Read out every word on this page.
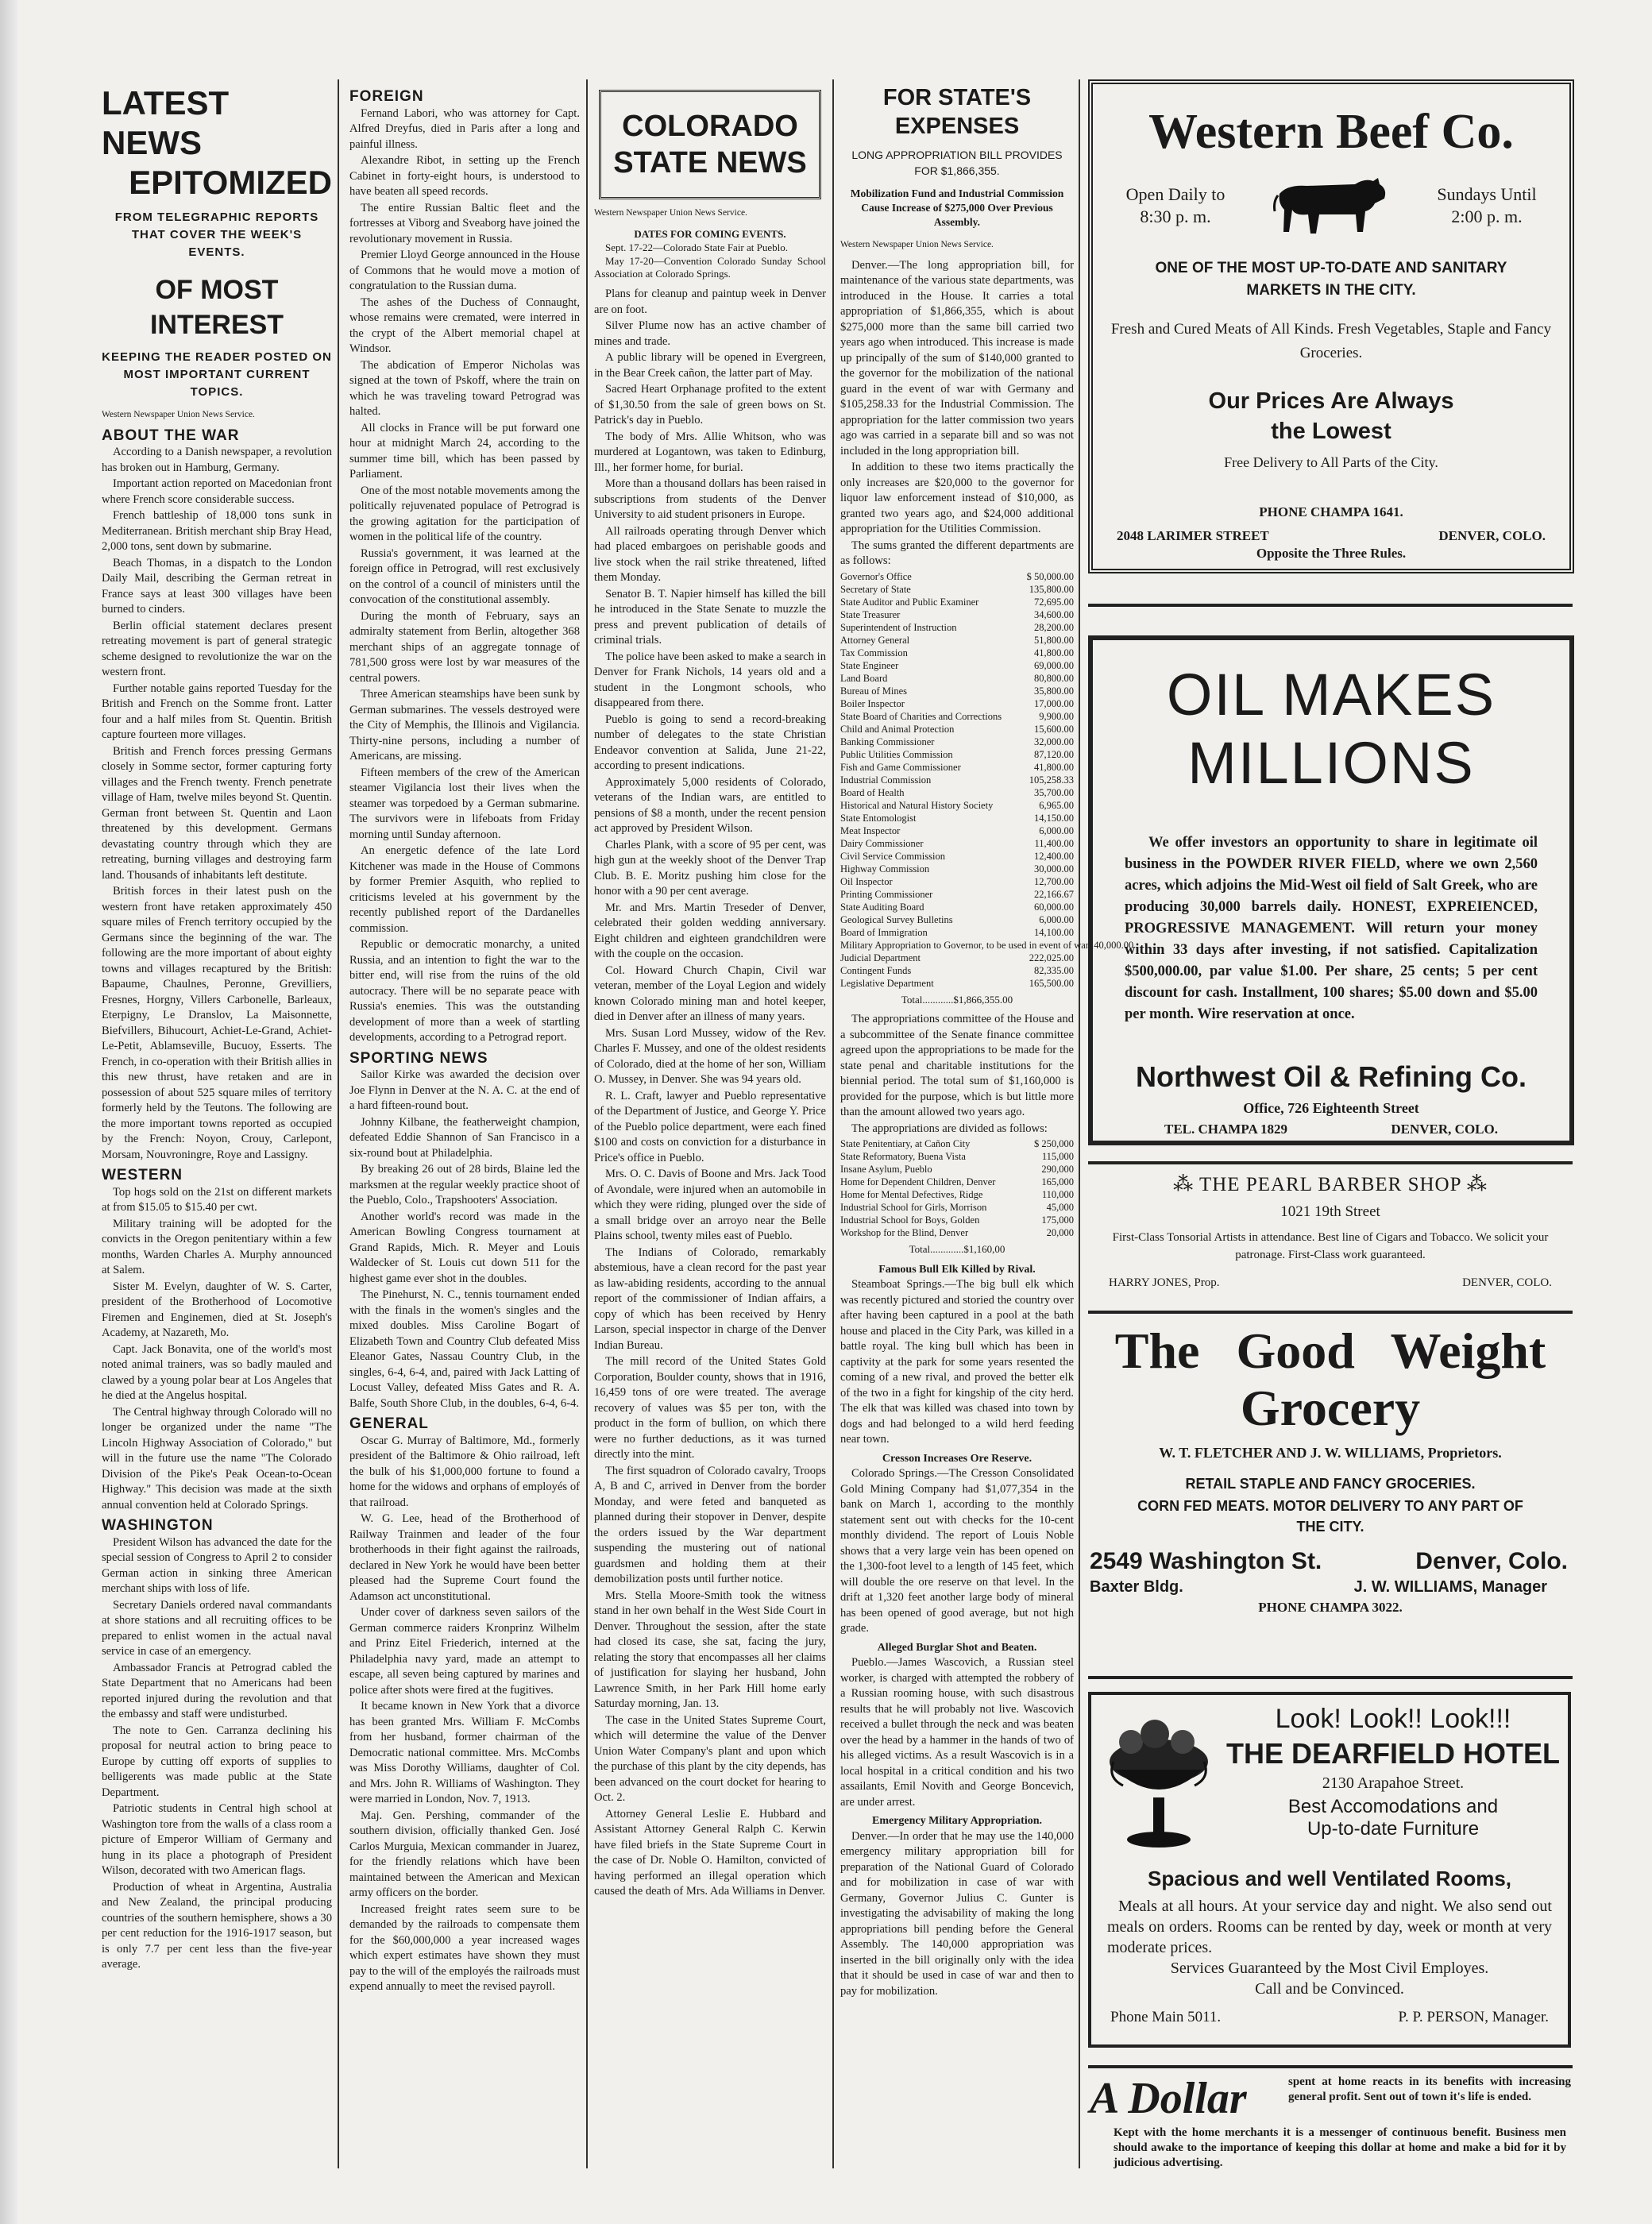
LATEST NEWS
EPITOMIZED
FROM TELEGRAPHIC REPORTS THAT COVER THE WEEK'S EVENTS.
OF MOST INTEREST
KEEPING THE READER POSTED ON MOST IMPORTANT CURRENT TOPICS.
Western Newspaper Union News Service.
ABOUT THE WAR

According to a Danish newspaper, a revolution has broken out in Hamburg, Germany.

Important action reported on Macedonian front where French score considerable success.

French battleship of 18,000 tons sunk in Mediterranean. British merchant ship Bray Head, 2,000 tons, sent down by submarine.

Beach Thomas, in a dispatch to the London Daily Mail, describing the German retreat in France says at least 300 villages have been burned to cinders.

Berlin official statement declares present retreating movement is part of general strategic scheme designed to revolutionize the war on the western front.

Further notable gains reported Tuesday for the British and French on the Somme front. Latter four and a half miles from St. Quentin. British capture fourteen more villages.

British and French forces pressing Germans closely in Somme sector, former capturing forty villages and the French twenty. French penetrate village of Ham, twelve miles beyond St. Quentin. German front between St. Quentin and Laon threatened by this development. Germans devastating country through which they are retreating, burning villages and destroying farm land. Thousands of inhabitants left destitute.

British forces in their latest push on the western front have retaken approximately 450 square miles of French territory occupied by the Germans since the beginning of the war. The following are the more important of about eighty towns and villages recaptured by the British: Bapaume, Chaulnes, Peronne, Grevilliers, Fresnes, Horgny, Villers Carbonelle, Barleaux, Eterpigny, Le Dranslov, La Maisonnette, Biefvillers, Bihucourt, Achiet-Le-Grand, Achiet-Le-Petit, Ablamseville, Bucuoy, Esserts. The French, in co-operation with their British allies in this new thrust, have retaken and are in possession of about 525 square miles of territory formerly held by the Teutons. The following are the more important towns reported as occupied by the French: Noyon, Crouy, Carlepont, Morsam, Nouvroningre, Roye and Lassigny.

WESTERN

Top hogs sold on the 21st on different markets at from $15.05 to $15.40 per cwt.

Military training will be adopted for the convicts in the Oregon penitentiary within a few months, Warden Charles A. Murphy announced at Salem.

Sister M. Evelyn, daughter of W. S. Carter, president of the Brotherhood of Locomotive Firemen and Enginemen, died at St. Joseph's Academy, at Nazareth, Mo.

Capt. Jack Bonavita, one of the world's most noted animal trainers, was so badly mauled and clawed by a young polar bear at Los Angeles that he died at the Angelus hospital.

The Central highway through Colorado will no longer be organized under the name "The Lincoln Highway Association of Colorado," but will in the future use the name "The Colorado Division of the Pike's Peak Ocean-to-Ocean Highway." This decision was made at the sixth annual convention held at Colorado Springs.

WASHINGTON

President Wilson has advanced the date for the special session of Congress to April 2 to consider German action in sinking three American merchant ships with loss of life.

Secretary Daniels ordered naval commandants at shore stations and all recruiting offices to be prepared to enlist women in the actual naval service in case of an emergency.

Ambassador Francis at Petrograd cabled the State Department that no Americans had been reported injured during the revolution and that the embassy and staff were undisturbed.

The note to Gen. Carranza declining his proposal for neutral action to bring peace to Europe by cutting off exports of supplies to belligerents was made public at the State Department.

Patriotic students in Central high school at Washington tore from the walls of a class room a picture of Emperor William of Germany and hung in its place a photograph of President Wilson, decorated with two American flags.

Production of wheat in Argentina, Australia and New Zealand, the principal producing countries of the southern hemisphere, shows a 30 per cent reduction for the 1916-1917 season, but is only 7.7 per cent less than the five-year average.

FOREIGN

Fernand Labori, who was attorney for Capt. Alfred Dreyfus, died in Paris after a long and painful illness.

Alexandre Ribot, in setting up the French Cabinet in forty-eight hours, is understood to have beaten all speed records.

The entire Russian Baltic fleet and the fortresses at Viborg and Sveaborg have joined the revolutionary movement in Russia.

Premier Lloyd George announced in the House of Commons that he would move a motion of congratulation to the Russian duma.

The ashes of the Duchess of Connaught, whose remains were cremated, were interred in the crypt of the Albert memorial chapel at Windsor.

The abdication of Emperor Nicholas was signed at the town of Pskoff, where the train on which he was traveling toward Petrograd was halted.

All clocks in France will be put forward one hour at midnight March 24, according to the summer time bill, which has been passed by Parliament.

One of the most notable movements among the politically rejuvenated populace of Petrograd is the growing agitation for the participation of women in the political life of the country.

Russia's government, it was learned at the foreign office in Petrograd, will rest exclusively on the control of a council of ministers until the convocation of the constitutional assembly.

During the month of February, says an admiralty statement from Berlin, altogether 368 merchant ships of an aggregate tonnage of 781,500 gross were lost by war measures of the central powers.

Three American steamships have been sunk by German submarines. The vessels destroyed were the City of Memphis, the Illinois and Vigilancia. Thirty-nine persons, including a number of Americans, are missing.

Fifteen members of the crew of the American steamer Vigilancia lost their lives when the steamer was torpedoed by a German submarine. The survivors were in lifeboats from Friday morning until Sunday afternoon.

An energetic defence of the late Lord Kitchener was made in the House of Commons by former Premier Asquith, who replied to criticisms leveled at his government by the recently published report of the Dardanelles commission.

Republic or democratic monarchy, a united Russia, and an intention to fight the war to the bitter end, will rise from the ruins of the old autocracy. There will be no separate peace with Russia's enemies. This was the outstanding development of more than a week of startling developments, according to a Petrograd report.

SPORTING NEWS

Sailor Kirke was awarded the decision over Joe Flynn in Denver at the N. A. C. at the end of a hard fifteen-round bout.

Johnny Kilbane, the featherweight champion, defeated Eddie Shannon of San Francisco in a six-round bout at Philadelphia.

By breaking 26 out of 28 birds, Blaine led the marksmen at the regular weekly practice shoot of the Pueblo, Colo., Trapshooters' Association.

Another world's record was made in the American Bowling Congress tournament at Grand Rapids, Mich. R. Meyer and Louis Waldecker of St. Louis cut down 511 for the highest game ever shot in the doubles.

The Pinehurst, N. C., tennis tournament ended with the finals in the women's singles and the mixed doubles. Miss Caroline Bogart of Elizabeth Town and Country Club defeated Miss Eleanor Gates, Nassau Country Club, in the singles, 6-4, 6-4, and, paired with Jack Latting of Locust Valley, defeated Miss Gates and R. A. Balfe, South Shore Club, in the doubles, 6-4, 6-4.

GENERAL

Oscar G. Murray of Baltimore, Md., formerly president of the Baltimore & Ohio railroad, left the bulk of his $1,000,000 fortune to found a home for the widows and orphans of employés of that railroad.

W. G. Lee, head of the Brotherhood of Railway Trainmen and leader of the four brotherhoods in their fight against the railroads, declared in New York he would have been better pleased had the Supreme Court found the Adamson act unconstitutional.

Under cover of darkness seven sailors of the German commerce raiders Kronprinz Wilhelm and Prinz Eitel Friederich, interned at the Philadelphia navy yard, made an attempt to escape, all seven being captured by marines and police after shots were fired at the fugitives.

It became known in New York that a divorce has been granted Mrs. William F. McCombs from her husband, former chairman of the Democratic national committee. Mrs. McCombs was Miss Dorothy Williams, daughter of Col. and Mrs. John R. Williams of Washington. They were married in London, Nov. 7, 1913.

Maj. Gen. Pershing, commander of the southern division, officially thanked Gen. José Carlos Murguia, Mexican commander in Juarez, for the friendly relations which have been maintained between the American and Mexican army officers on the border.

Increased freight rates seem sure to be demanded by the railroads to compensate them for the $60,000,000 a year increased wages which expert estimates have shown they must pay to the will of the employés the railroads must expend annually to meet the revised payroll.

COLORADO
STATE NEWS
Western Newspaper Union News Service.
DATES FOR COMING EVENTS.

Sept. 17-22—Colorado State Fair at Pueblo.

May 17-20—Convention Colorado Sunday School Association at Colorado Springs.

Plans for cleanup and paintup week in Denver are on foot.

Silver Plume now has an active chamber of mines and trade.

A public library will be opened in Evergreen, in the Bear Creek cañon, the latter part of May.

Sacred Heart Orphanage profited to the extent of $1,30.50 from the sale of green bows on St. Patrick's day in Pueblo.

The body of Mrs. Allie Whitson, who was murdered at Logantown, was taken to Edinburg, Ill., her former home, for burial.

More than a thousand dollars has been raised in subscriptions from students of the Denver University to aid student prisoners in Europe.

All railroads operating through Denver which had placed embargoes on perishable goods and live stock when the rail strike threatened, lifted them Monday.

Senator B. T. Napier himself has killed the bill he introduced in the State Senate to muzzle the press and prevent publication of details of criminal trials.

The police have been asked to make a search in Denver for Frank Nichols, 14 years old and a student in the Longmont schools, who disappeared from there.

Pueblo is going to send a record-breaking number of delegates to the state Christian Endeavor convention at Salida, June 21-22, according to present indications.

Approximately 5,000 residents of Colorado, veterans of the Indian wars, are entitled to pensions of $8 a month, under the recent pension act approved by President Wilson.

Charles Plank, with a score of 95 per cent, was high gun at the weekly shoot of the Denver Trap Club. B. E. Moritz pushing him close for the honor with a 90 per cent average.

Mr. and Mrs. Martin Treseder of Denver, celebrated their golden wedding anniversary. Eight children and eighteen grandchildren were with the couple on the occasion.

Col. Howard Church Chapin, Civil war veteran, member of the Loyal Legion and widely known Colorado mining man and hotel keeper, died in Denver after an illness of many years.

Mrs. Susan Lord Mussey, widow of the Rev. Charles F. Mussey, and one of the oldest residents of Colorado, died at the home of her son, William O. Mussey, in Denver. She was 94 years old.

R. L. Craft, lawyer and Pueblo representative of the Department of Justice, and George Y. Price of the Pueblo police department, were each fined $100 and costs on conviction for a disturbance in Price's office in Pueblo.

Mrs. O. C. Davis of Boone and Mrs. Jack Tood of Avondale, were injured when an automobile in which they were riding, plunged over the side of a small bridge over an arroyo near the Belle Plains school, twenty miles east of Pueblo.

The Indians of Colorado, remarkably abstemious, have a clean record for the past year as law-abiding residents, according to the annual report of the commissioner of Indian affairs, a copy of which has been received by Henry Larson, special inspector in charge of the Denver Indian Bureau.

The mill record of the United States Gold Corporation, Boulder county, shows that in 1916, 16,459 tons of ore were treated. The average recovery of values was $5 per ton, with the product in the form of bullion, on which there were no further deductions, as it was turned directly into the mint.

The first squadron of Colorado cavalry, Troops A, B and C, arrived in Denver from the border Monday, and were feted and banqueted as planned during their stopover in Denver, despite the orders issued by the War department suspending the mustering out of national guardsmen and holding them at their demobilization posts until further notice.

Mrs. Stella Moore-Smith took the witness stand in her own behalf in the West Side Court in Denver. Throughout the session, after the state had closed its case, she sat, facing the jury, relating the story that encompasses all her claims of justification for slaying her husband, John Lawrence Smith, in her Park Hill home early Saturday morning, Jan. 13.

The case in the United States Supreme Court, which will determine the value of the Denver Union Water Company's plant and upon which the purchase of this plant by the city depends, has been advanced on the court docket for hearing to Oct. 2.

Attorney General Leslie E. Hubbard and Assistant Attorney General Ralph C. Kerwin have filed briefs in the State Supreme Court in the case of Dr. Noble O. Hamilton, convicted of having performed an illegal operation which caused the death of Mrs. Ada Williams in Denver.

FOR STATE'S EXPENSES
LONG APPROPRIATION BILL PROVIDES FOR $1,866,355.
Mobilization Fund and Industrial Commission Cause Increase of $275,000 Over Previous Assembly.
Western Newspaper Union News Service.

Denver.—The long appropriation bill, for maintenance of the various state departments, was introduced in the House. It carries a total appropriation of $1,866,355, which is about $275,000 more than the same bill carried two years ago when introduced. This increase is made up principally of the sum of $140,000 granted to the governor for the mobilization of the national guard in the event of war with Germany and $105,258.33 for the Industrial Commission. The appropriation for the latter commission two years ago was carried in a separate bill and so was not included in the long appropriation bill.

In addition to these two items practically the only increases are $20,000 to the governor for liquor law enforcement instead of $10,000, as granted two years ago, and $24,000 additional appropriation for the Utilities Commission.

The sums granted the different departments are as follows:

Governor's Office	$ 50,000.00
Secretary of State	135,800.00
State Auditor and Public Examiner	72,695.00
State Treasurer	34,600.00
Superintendent of Instruction	28,200.00
Attorney General	51,800.00
Tax Commission	41,800.00
State Engineer	69,000.00
Land Board	80,800.00
Bureau of Mines	35,800.00
Boiler Inspector	17,000.00
State Board of Charities and Corrections	9,900.00
Child and Animal Protection	15,600.00
Banking Commissioner	32,000.00
Public Utilities Commission	87,120.00
Fish and Game Commissioner	41,800.00
Industrial Commission	105,258.33
Board of Health	35,700.00
Historical and Natural History Society	6,965.00
State Entomologist	14,150.00
Meat Inspector	6,000.00
Dairy Commissioner	11,400.00
Civil Service Commission	12,400.00
Highway Commission	30,000.00
Oil Inspector	12,700.00
Printing Commissioner	22,166.67
State Auditing Board	60,000.00
Geological Survey Bulletins	6,000.00
Board of Immigration	14,100.00
Military Appropriation to Governor, to be used in event of war 140,000.00
Judicial Department	222,025.00
Contingent Funds	82,335.00
Legislative Department	165,500.00
Total............$1,866,355.00

The appropriations committee of the House and a subcommittee of the Senate finance committee agreed upon the appropriations to be made for the state penal and charitable institutions for the biennial period. The total sum of $1,160,000 is provided for the purpose, which is but little more than the amount allowed two years ago.

The appropriations are divided as follows:

State Penitentiary, at Cañon City	$ 250,000
State Reformatory, Buena Vista	115,000
Insane Asylum, Pueblo	290,000
Home for Dependent Children, Denver	165,000
Home for Mental Defectives, Ridge	110,000
Industrial School for Girls, Morrison	45,000
Industrial School for Boys, Golden	175,000
Workshop for the Blind, Denver	20,000
Total.............$1,160,00
Famous Bull Elk Killed by Rival.

Steamboat Springs.—The big bull elk which was recently pictured and storied the country over after having been captured in a pool at the bath house and placed in the City Park, was killed in a battle royal. The king bull which has been in captivity at the park for some years resented the coming of a new rival, and proved the better elk of the two in a fight for kingship of the city herd. The elk that was killed was chased into town by dogs and had belonged to a wild herd feeding near town.

Cresson Increases Ore Reserve.

Colorado Springs.—The Cresson Consolidated Gold Mining Company had $1,077,354 in the bank on March 1, according to the monthly statement sent out with checks for the 10-cent monthly dividend. The report of Louis Noble shows that a very large vein has been opened on the 1,300-foot level to a length of 145 feet, which will double the ore reserve on that level. In the drift at 1,320 feet another large body of mineral has been opened of good average, but not high grade.

Alleged Burglar Shot and Beaten.

Pueblo.—James Wascovich, a Russian steel worker, is charged with attempted the robbery of a Russian rooming house, with such disastrous results that he will probably not live. Wascovich received a bullet through the neck and was beaten over the head by a hammer in the hands of two of his alleged victims. As a result Wascovich is in a local hospital in a critical condition and his two assailants, Emil Novith and George Boncevich, are under arrest.

Emergency Military Appropriation.

Denver.—In order that he may use the 140,000 emergency military appropriation bill for preparation of the National Guard of Colorado and for mobilization in case of war with Germany, Governor Julius C. Gunter is investigating the advisability of making the long appropriations bill pending before the General Assembly. The 140,000 appropriation was inserted in the bill originally only with the idea that it should be used in case of war and then to pay for mobilization.

Western Beef Co.
Open Daily to 8:30 p. m.
Sundays Until 2:00 p. m.
ONE OF THE MOST UP-TO-DATE AND SANITARY MARKETS IN THE CITY.
Fresh and Cured Meats of All Kinds. Fresh Vegetables, Staple and Fancy Groceries.
Our Prices Are Always the Lowest
Free Delivery to All Parts of the City.
PHONE CHAMPA 1641.
2048 LARIMER STREET	DENVER, COLO.
Opposite the Three Rules.
OIL MAKES
MILLIONS
We offer investors an opportunity to share in legitimate oil business in the POWDER RIVER FIELD, where we own 2,560 acres, which adjoins the Mid-West oil field of Salt Greek, who are producing 30,000 barrels daily. HONEST, EXPREIENCED, PROGRESSIVE MANAGEMENT. Will return your money within 33 days after investing, if not satisfied. Capitalization $500,000.00, par value $1.00. Per share, 25 cents; 5 per cent discount for cash. Installment, 100 shares; $5.00 down and $5.00 per month. Wire reservation at once.
Northwest Oil & Refining Co.
Office, 726 Eighteenth Street
TEL. CHAMPA 1829	DENVER, COLO.
⁂ THE PEARL BARBER SHOP ⁂
1021 19th Street
First-Class Tonsorial Artists in attendance. Best line of Cigars and Tobacco. We solicit your patronage. First-Class work guaranteed.
HARRY JONES, Prop.	DENVER, COLO.
The Good Weight
Grocery
W. T. FLETCHER AND J. W. WILLIAMS, Proprietors.
RETAIL STAPLE AND FANCY GROCERIES.
CORN FED MEATS. MOTOR DELIVERY TO ANY PART OF THE CITY.
2549 Washington St.	Denver, Colo.
Baxter Bldg.	J. W. WILLIAMS, Manager
PHONE CHAMPA 3022.
Look! Look!! Look!!!
THE DEARFIELD HOTEL
2130 Arapahoe Street.
Best Accomodations and
Up-to-date Furniture
Spacious and well Ventilated Rooms,
Meals at all hours. At your service day and night. We also send out meals on orders. Rooms can be rented by day, week or month at very moderate prices.
Services Guaranteed by the Most Civil Employes.
Call and be Convinced.
Phone Main 5011.	P. P. PERSON, Manager.
A Dollar	spent at home reacts in its benefits with increasing general profit. Sent out of town it's life is ended.
Kept with the home merchants it is a messenger of continuous benefit. Business men should awake to the importance of keeping this dollar at home and make a bid for it by judicious advertising.
